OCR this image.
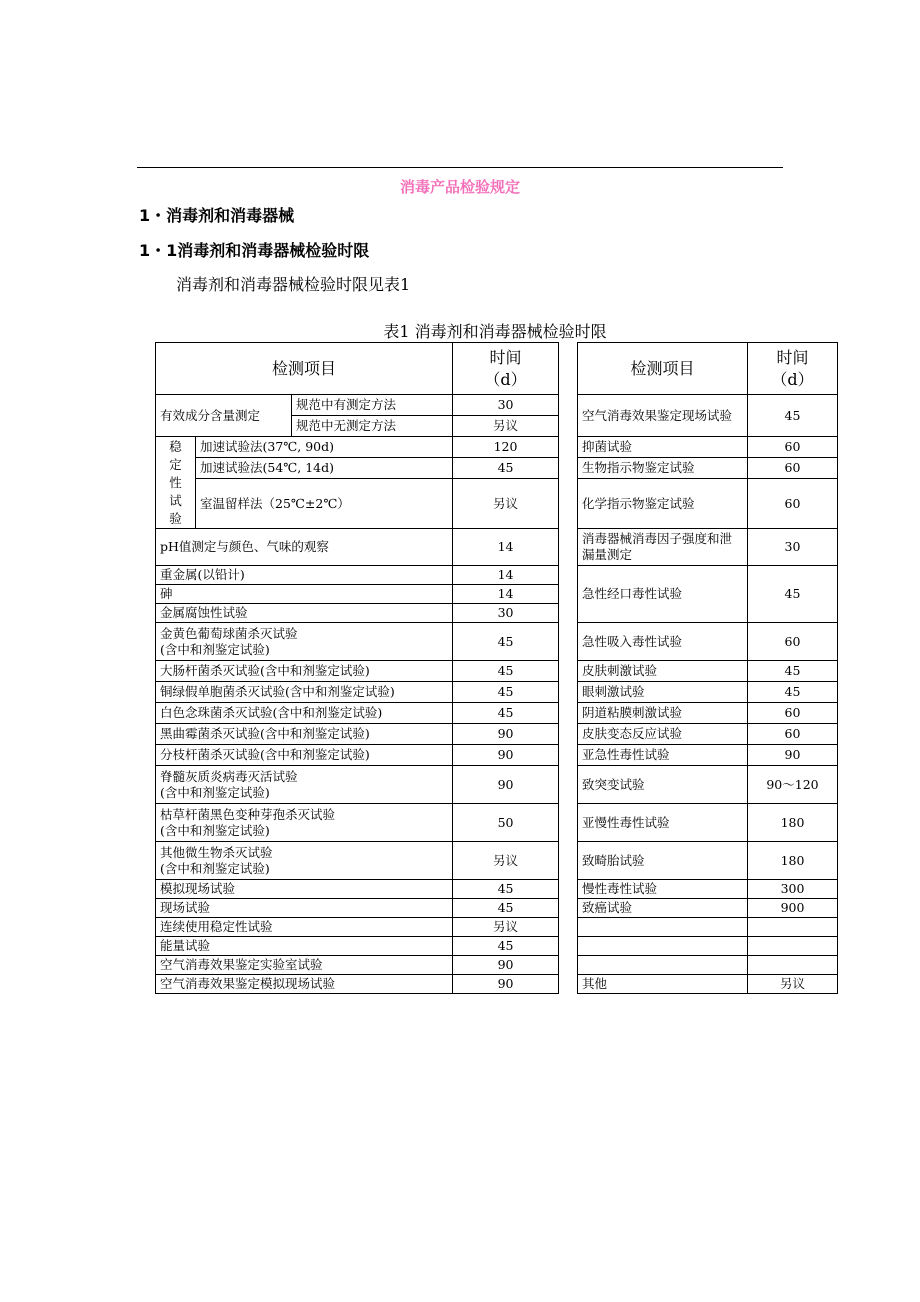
消毒产品检验规定
1・消毒剂和消毒器械
1・1消毒剂和消毒器械检验时限
消毒剂和消毒器械检验时限见表1
表1 消毒剂和消毒器械检验时限
检测项目			时间
（d）

有效成分含量测定		规范中有测定方法	30
		规范中无测定方法	另议

稳定性试验	加速试验法(37℃, 90d)		120
	加速试验法(54℃, 14d)		45
	室温留样法（25℃±2℃）		另议
pH值测定与颜色、气味的观察			14
重金属(以铅计)			14
砷			14
金属腐蚀性试验			30

金黄色葡萄球菌杀灭试验
(含中和剂鉴定试验)			45
大肠杆菌杀灭试验(含中和剂鉴定试验)			45
铜绿假单胞菌杀灭试验(含中和剂鉴定试验)			45
白色念珠菌杀灭试验(含中和剂鉴定试验)			45
黑曲霉菌杀灭试验(含中和剂鉴定试验)			90
分枝杆菌杀灭试验(含中和剂鉴定试验)			90

脊髓灰质炎病毒灭活试验
(含中和剂鉴定试验)			90

枯草杆菌黑色变种芽孢杀灭试验
(含中和剂鉴定试验)			50

其他微生物杀灭试验
(含中和剂鉴定试验)			另议
模拟现场试验			45
现场试验			45
连续使用稳定性试验			另议
能量试验			45
空气消毒效果鉴定实验室试验			90
空气消毒效果鉴定模拟现场试验			90
检测项目	时间
（d）

空气消毒效果鉴定现场试验	45
抑菌试验	60
生物指示物鉴定试验	60
化学指示物鉴定试验	60
消毒器械消毒因子强度和泄漏量测定	30
急性经口毒性试验	45
急性吸入毒性试验	60
皮肤刺激试验	45
眼刺激试验	45
阴道粘膜刺激试验	60
皮肤变态反应试验	60
亚急性毒性试验	90
致突变试验	90～120
亚慢性毒性试验	180
致畸胎试验	180
慢性毒性试验	300
致癌试验	900

其他	另议
